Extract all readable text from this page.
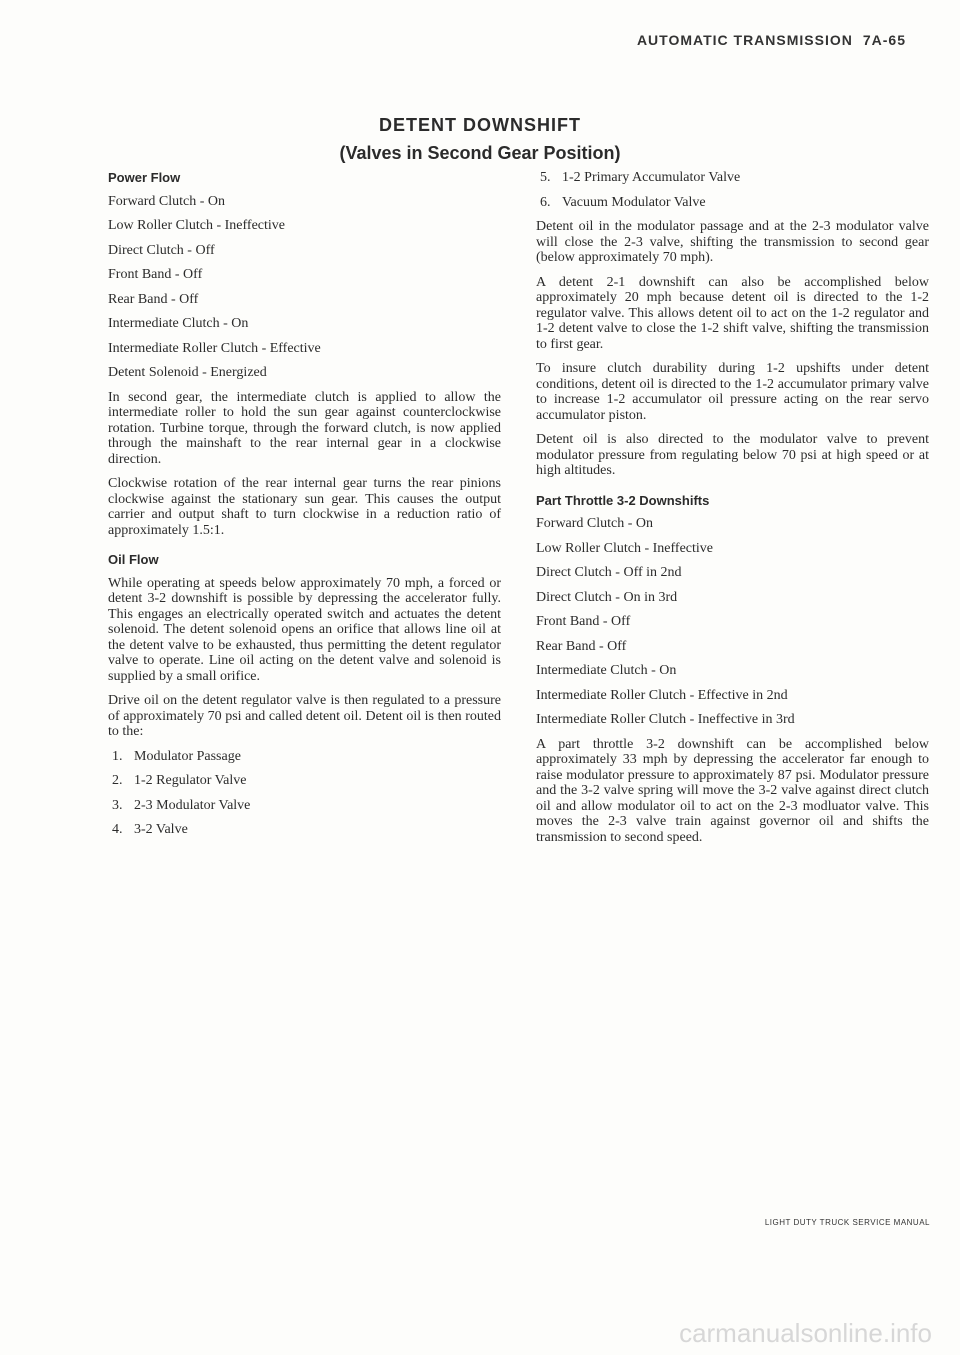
AUTOMATIC TRANSMISSION 7A-65
DETENT DOWNSHIFT
(Valves in Second Gear Position)
Power Flow
Forward Clutch - On
Low Roller Clutch - Ineffective
Direct Clutch - Off
Front Band - Off
Rear Band - Off
Intermediate Clutch - On
Intermediate Roller Clutch - Effective
Detent Solenoid - Energized
In second gear, the intermediate clutch is applied to allow the intermediate roller to hold the sun gear against counterclockwise rotation. Turbine torque, through the forward clutch, is now applied through the mainshaft to the rear internal gear in a clockwise direction.
Clockwise rotation of the rear internal gear turns the rear pinions clockwise against the stationary sun gear. This causes the output carrier and output shaft to turn clockwise in a reduction ratio of approximately 1.5:1.
Oil Flow
While operating at speeds below approximately 70 mph, a forced or detent 3-2 downshift is possible by depressing the accelerator fully. This engages an electrically operated switch and actuates the detent solenoid. The detent solenoid opens an orifice that allows line oil at the detent valve to be exhausted, thus permitting the detent regulator valve to operate. Line oil acting on the detent valve and solenoid is supplied by a small orifice.
Drive oil on the detent regulator valve is then regulated to a pressure of approximately 70 psi and called detent oil. Detent oil is then routed to the:
1. Modulator Passage
2. 1-2 Regulator Valve
3. 2-3 Modulator Valve
4. 3-2 Valve
5. 1-2 Primary Accumulator Valve
6. Vacuum Modulator Valve
Detent oil in the modulator passage and at the 2-3 modulator valve will close the 2-3 valve, shifting the transmission to second gear (below approximately 70 mph).
A detent 2-1 downshift can also be accomplished below approximately 20 mph because detent oil is directed to the 1-2 regulator valve. This allows detent oil to act on the 1-2 regulator and 1-2 detent valve to close the 1-2 shift valve, shifting the transmission to first gear.
To insure clutch durability during 1-2 upshifts under detent conditions, detent oil is directed to the 1-2 accumulator primary valve to increase 1-2 accumulator oil pressure acting on the rear servo accumulator piston.
Detent oil is also directed to the modulator valve to prevent modulator pressure from regulating below 70 psi at high speed or at high altitudes.
Part Throttle 3-2 Downshifts
Forward Clutch - On
Low Roller Clutch - Ineffective
Direct Clutch - Off in 2nd
Direct Clutch - On in 3rd
Front Band - Off
Rear Band - Off
Intermediate Clutch - On
Intermediate Roller Clutch - Effective in 2nd
Intermediate Roller Clutch - Ineffective in 3rd
A part throttle 3-2 downshift can be accomplished below approximately 33 mph by depressing the accelerator far enough to raise modulator pressure to approximately 87 psi. Modulator pressure and the 3-2 valve spring will move the 3-2 valve against direct clutch oil and allow modulator oil to act on the 2-3 modluator valve. This moves the 2-3 valve train against governor oil and shifts the transmission to second speed.
LIGHT DUTY TRUCK SERVICE MANUAL
carmanualsonline.info
